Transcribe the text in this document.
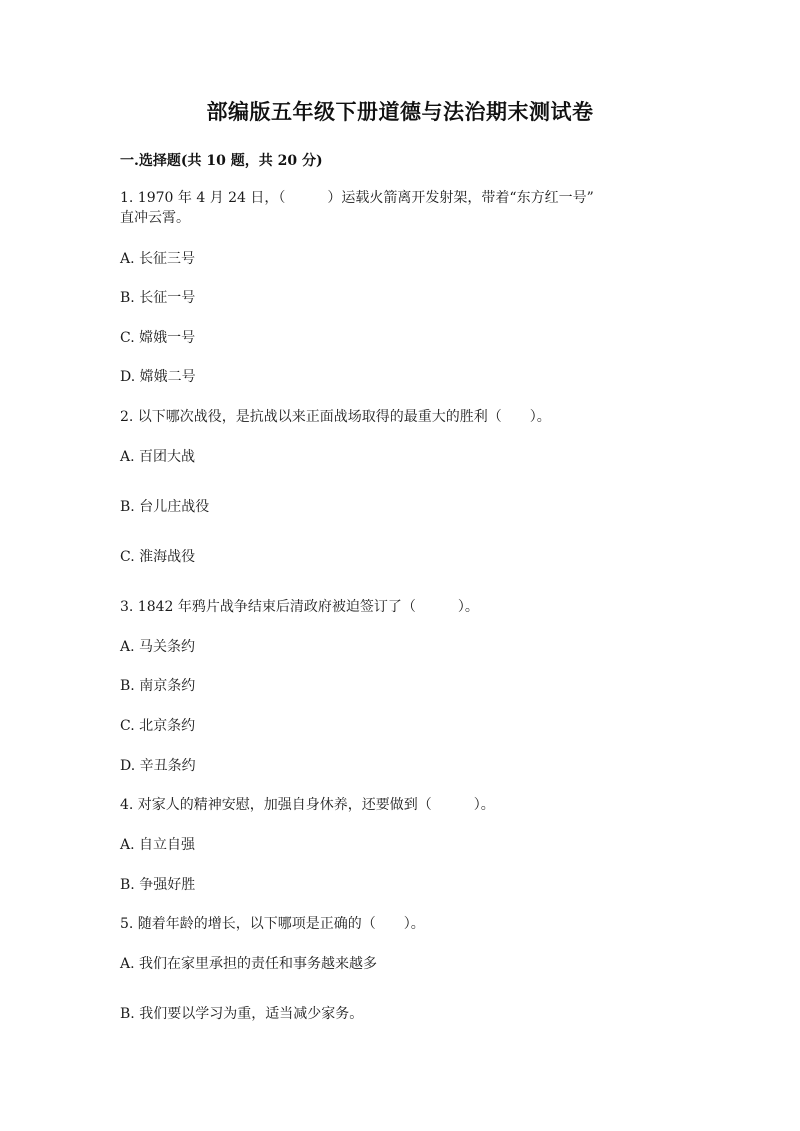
部编版五年级下册道德与法治期末测试卷
一.选择题(共 10 题，共 20 分)
1. 1970 年 4 月 24 日，（　　　）运载火箭离开发射架，带着“东方红一号”
直冲云霄。
A. 长征三号
B. 长征一号
C. 嫦娥一号
D. 嫦娥二号
2. 以下哪次战役，是抗战以来正面战场取得的最重大的胜利（　　）。
A. 百团大战
B. 台儿庄战役
C. 淮海战役
3. 1842 年鸦片战争结束后清政府被迫签订了（　　　）。
A. 马关条约
B. 南京条约
C. 北京条约
D. 辛丑条约
4. 对家人的精神安慰，加强自身休养，还要做到（　　　）。
A. 自立自强
B. 争强好胜
5. 随着年龄的增长，以下哪项是正确的（　　）。
A. 我们在家里承担的责任和事务越来越多
B. 我们要以学习为重，适当减少家务。
